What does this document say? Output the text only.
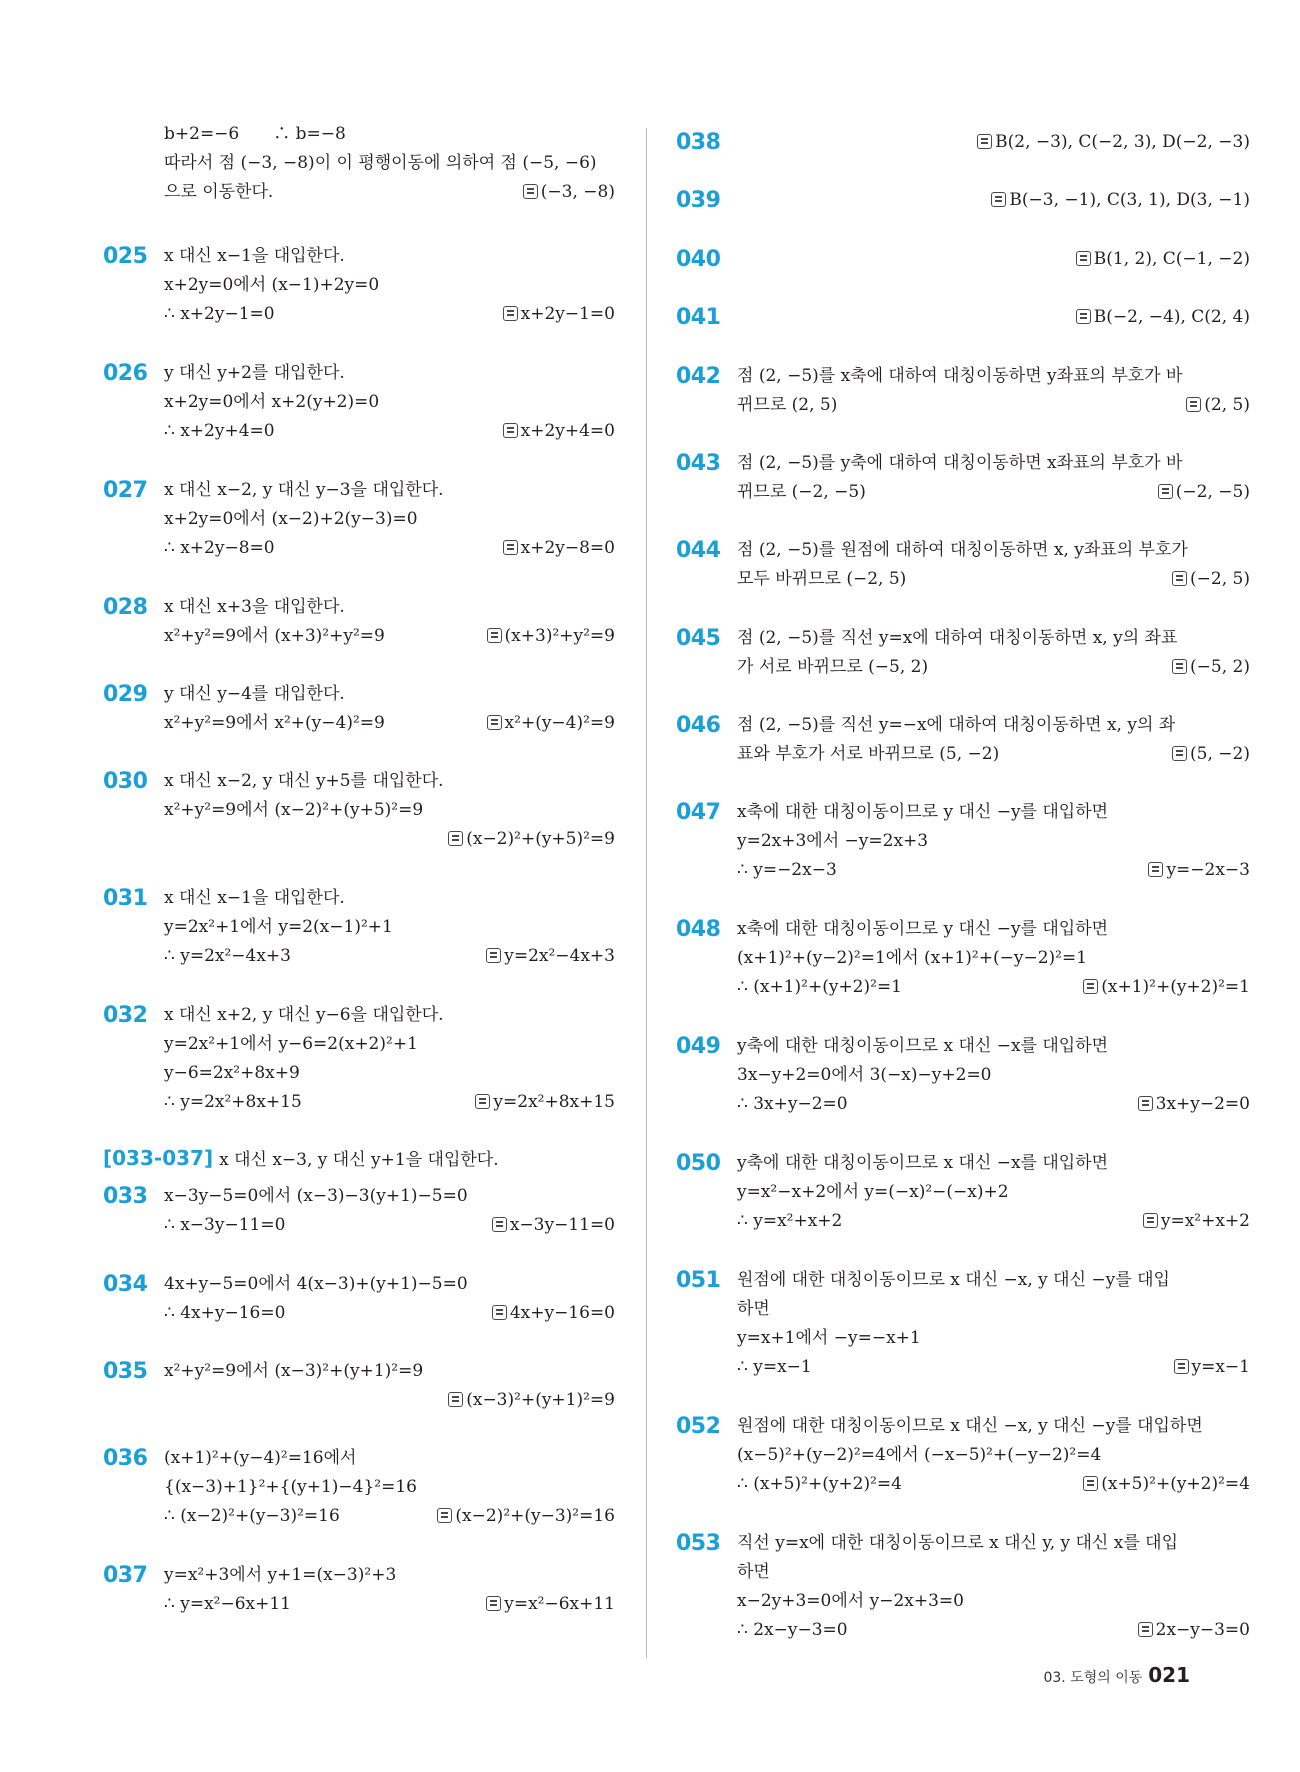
b+2=−6　　∴ b=−8
따라서 점 (−3, −8)이 이 평행이동에 의하여 점 (−5, −6)
으로 이동한다.	(−3, −8)
025 x 대신 x−1을 대입한다.
x+2y=0에서 (x−1)+2y=0
∴ x+2y−1=0	x+2y−1=0
026 y 대신 y+2를 대입한다.
x+2y=0에서 x+2(y+2)=0
∴ x+2y+4=0	x+2y+4=0
027 x 대신 x−2, y 대신 y−3을 대입한다.
x+2y=0에서 (x−2)+2(y−3)=0
∴ x+2y−8=0	x+2y−8=0
028 x 대신 x+3을 대입한다.
x²+y²=9에서 (x+3)²+y²=9	(x+3)²+y²=9
029 y 대신 y−4를 대입한다.
x²+y²=9에서 x²+(y−4)²=9	x²+(y−4)²=9
030 x 대신 x−2, y 대신 y+5를 대입한다.
x²+y²=9에서 (x−2)²+(y+5)²=9
(x−2)²+(y+5)²=9
031 x 대신 x−1을 대입한다.
y=2x²+1에서 y=2(x−1)²+1
∴ y=2x²−4x+3	y=2x²−4x+3
032 x 대신 x+2, y 대신 y−6을 대입한다.
y=2x²+1에서 y−6=2(x+2)²+1
y−6=2x²+8x+9
∴ y=2x²+8x+15	y=2x²+8x+15
033 x−3y−5=0에서 (x−3)−3(y+1)−5=0
∴ x−3y−11=0	x−3y−11=0
034 4x+y−5=0에서 4(x−3)+(y+1)−5=0
∴ 4x+y−16=0	4x+y−16=0
035 x²+y²=9에서 (x−3)²+(y+1)²=9
(x−3)²+(y+1)²=9
036 (x+1)²+(y−4)²=16에서
{(x−3)+1}²+{(y+1)−4}²=16
∴ (x−2)²+(y−3)²=16	(x−2)²+(y−3)²=16
037 y=x²+3에서 y+1=(x−3)²+3
∴ y=x²−6x+11	y=x²−6x+11
038	B(2, −3), C(−2, 3), D(−2, −3)
039	B(−3, −1), C(3, 1), D(3, −1)
040	B(1, 2), C(−1, −2)
041	B(−2, −4), C(2, 4)
042 점 (2, −5)를 x축에 대하여 대칭이동하면 y좌표의 부호가 바
뀌므로 (2, 5)	(2, 5)
043 점 (2, −5)를 y축에 대하여 대칭이동하면 x좌표의 부호가 바
뀌므로 (−2, −5)	(−2, −5)
044 점 (2, −5)를 원점에 대하여 대칭이동하면 x, y좌표의 부호가
모두 바뀌므로 (−2, 5)	(−2, 5)
045 점 (2, −5)를 직선 y=x에 대하여 대칭이동하면 x, y의 좌표
가 서로 바뀌므로 (−5, 2)	(−5, 2)
046 점 (2, −5)를 직선 y=−x에 대하여 대칭이동하면 x, y의 좌
표와 부호가 서로 바뀌므로 (5, −2)	(5, −2)
047 x축에 대한 대칭이동이므로 y 대신 −y를 대입하면
y=2x+3에서 −y=2x+3
∴ y=−2x−3	y=−2x−3
048 x축에 대한 대칭이동이므로 y 대신 −y를 대입하면
(x+1)²+(y−2)²=1에서 (x+1)²+(−y−2)²=1
∴ (x+1)²+(y+2)²=1	(x+1)²+(y+2)²=1
049 y축에 대한 대칭이동이므로 x 대신 −x를 대입하면
3x−y+2=0에서 3(−x)−y+2=0
∴ 3x+y−2=0	3x+y−2=0
050 y축에 대한 대칭이동이므로 x 대신 −x를 대입하면
y=x²−x+2에서 y=(−x)²−(−x)+2
∴ y=x²+x+2	y=x²+x+2
051 원점에 대한 대칭이동이므로 x 대신 −x, y 대신 −y를 대입
하면
y=x+1에서 −y=−x+1
∴ y=x−1	y=x−1
052 원점에 대한 대칭이동이므로 x 대신 −x, y 대신 −y를 대입하면
(x−5)²+(y−2)²=4에서 (−x−5)²+(−y−2)²=4
∴ (x+5)²+(y+2)²=4	(x+5)²+(y+2)²=4
053 직선 y=x에 대한 대칭이동이므로 x 대신 y, y 대신 x를 대입
하면
x−2y+3=0에서 y−2x+3=0
∴ 2x−y−3=0	2x−y−3=0
[033-037] x 대신 x−3, y 대신 y+1을 대입한다.
03. 도형의 이동 021
